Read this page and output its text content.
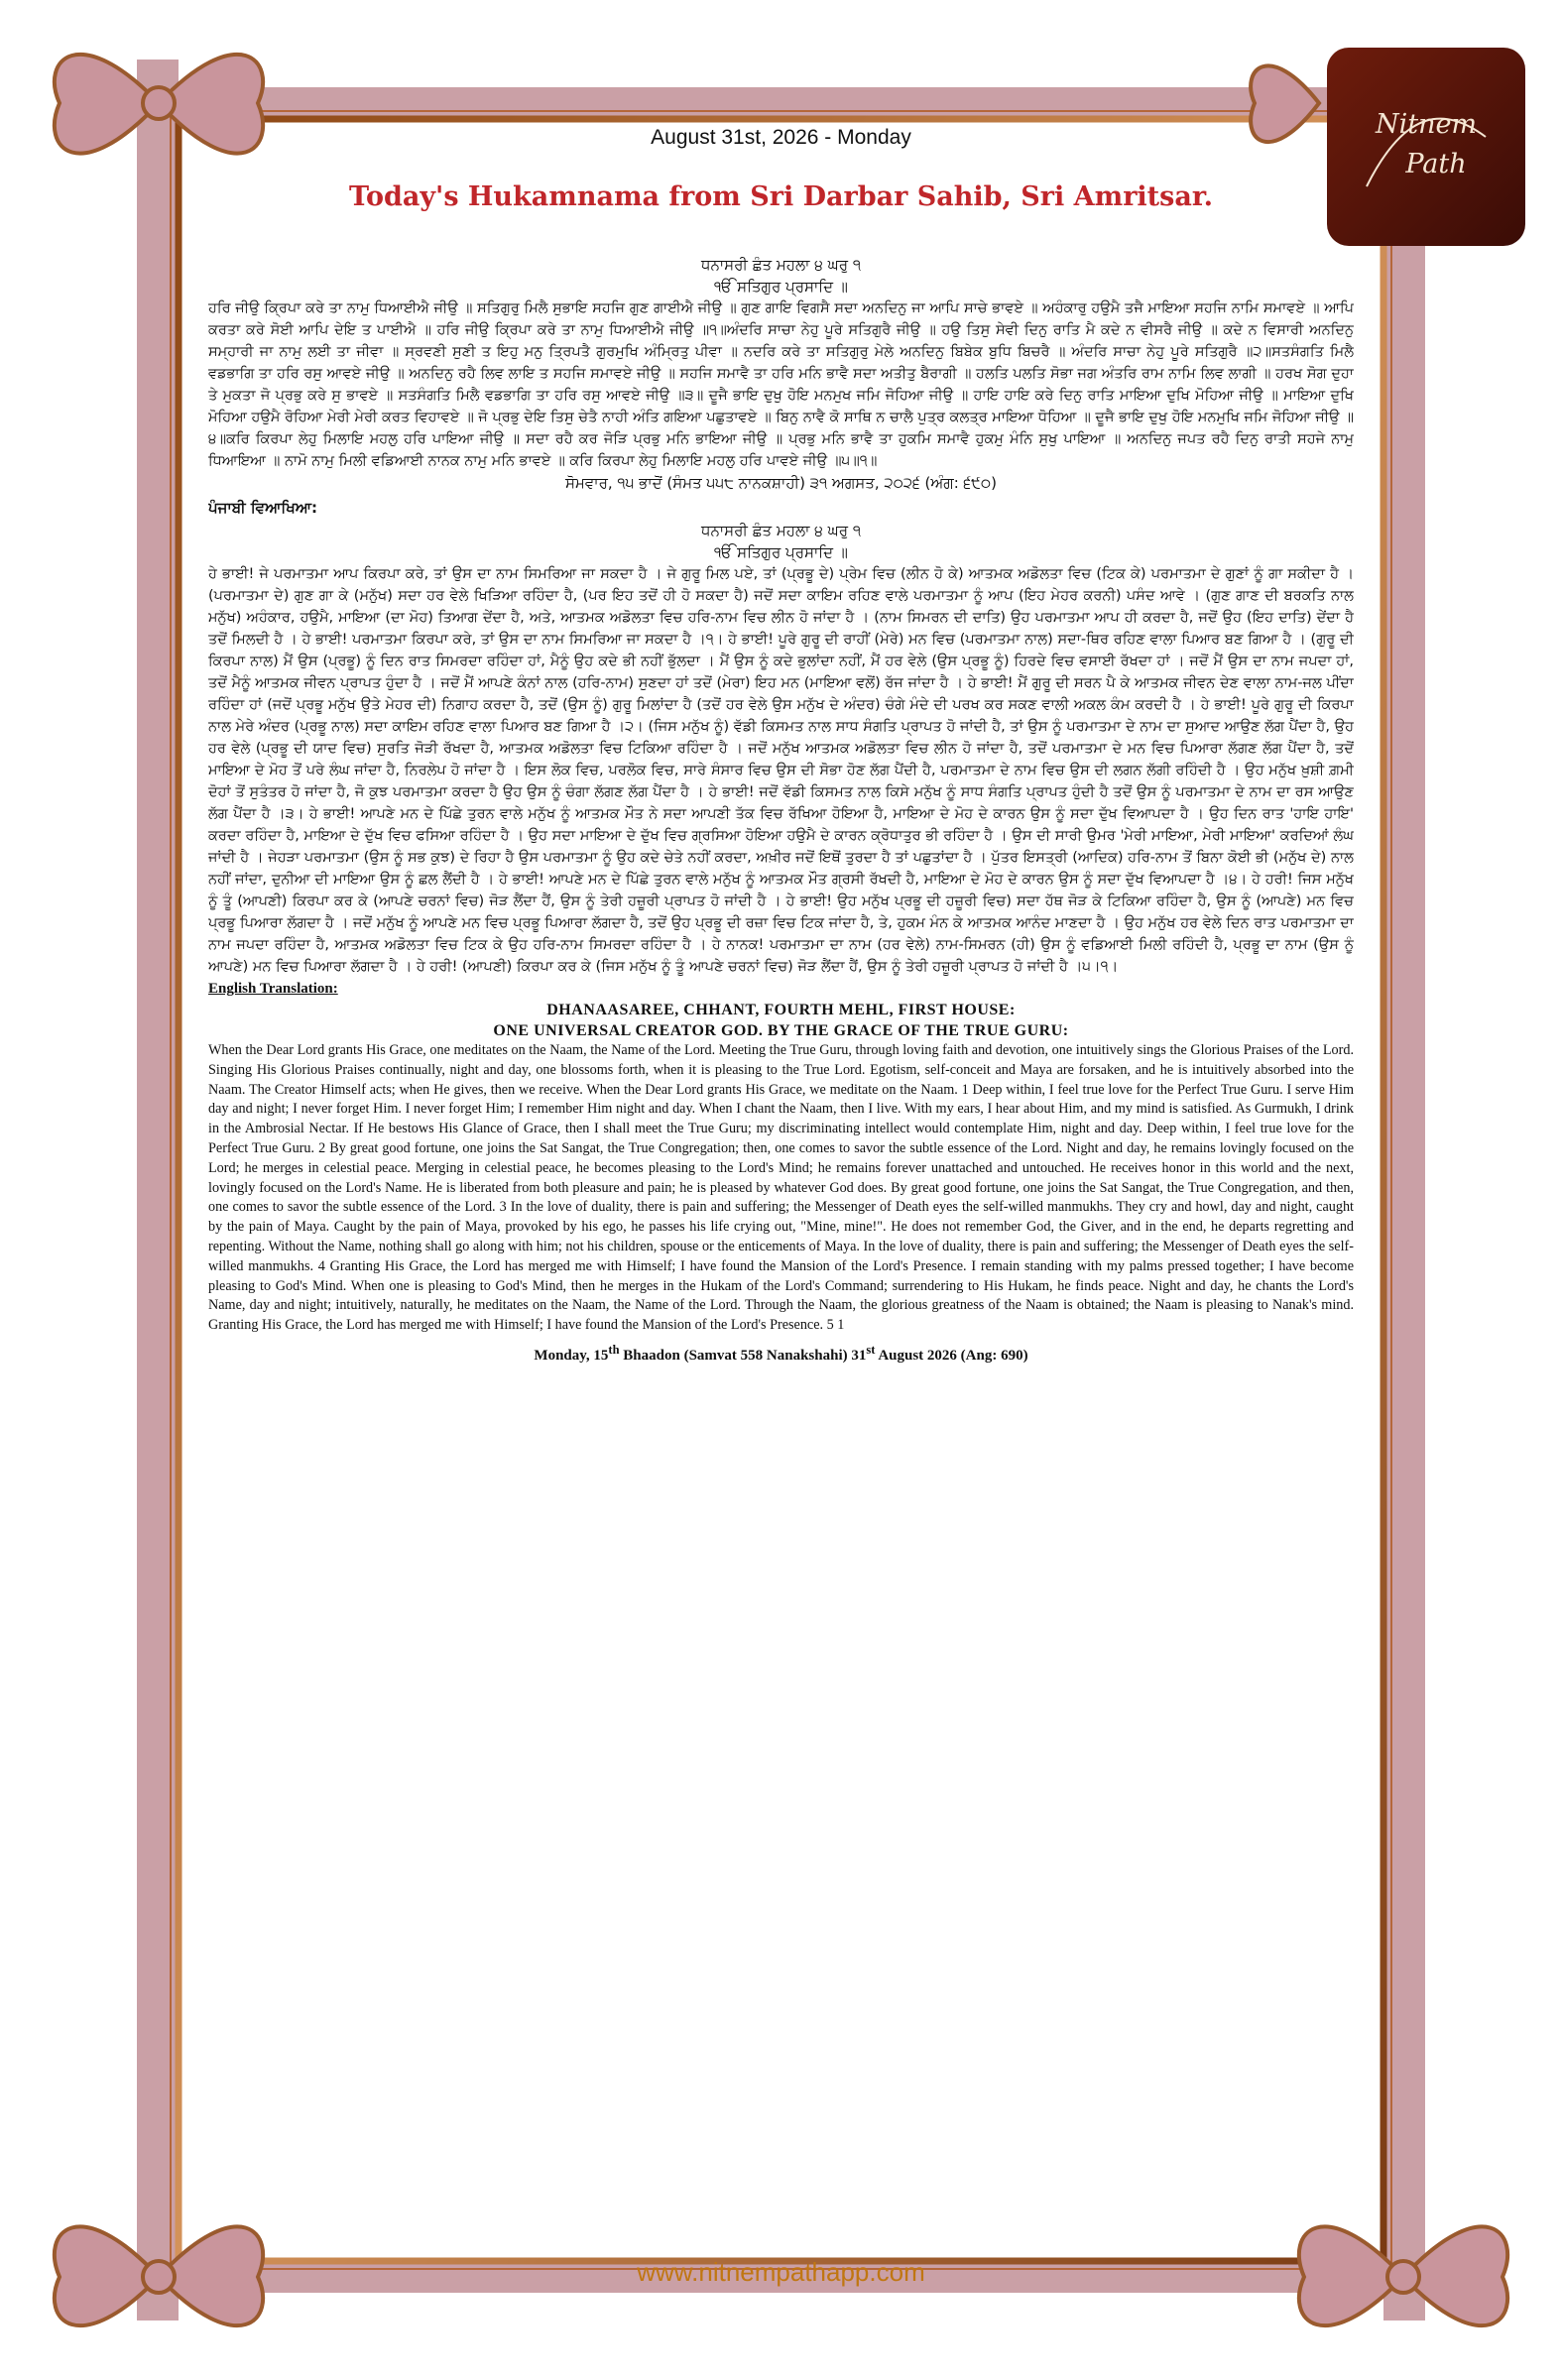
Nitnem
Path
August 31st, 2026 - Monday
Today's Hukamnama from Sri Darbar Sahib, Sri Amritsar.
ਧਨਾਸਰੀ ਛੰਤ ਮਹਲਾ ੪ ਘਰੁ ੧
ੴ ਸਤਿਗੁਰ ਪ੍ਰਸਾਦਿ ॥
ਹਰਿ ਜੀਉ ਕ੍ਰਿਪਾ ਕਰੇ ਤਾ ਨਾਮੁ ਧਿਆਈਐ ਜੀਉ ॥ ਸਤਿਗੁਰੁ ਮਿਲੈ ਸੁਭਾਇ ਸਹਜਿ ਗੁਣ ਗਾਈਐ ਜੀਉ ॥ ਗੁਣ ਗਾਇ ਵਿਗਸੈ ਸਦਾ ਅਨਦਿਨੁ ਜਾ ਆਪਿ ਸਾਚੇ ਭਾਵਏ ॥ ਅਹੰਕਾਰੁ ਹਉਮੈ ਤਜੈ ਮਾਇਆ ਸਹਜਿ ਨਾਮਿ ਸਮਾਵਏ ॥ ਆਪਿ ਕਰਤਾ ਕਰੇ ਸੋਈ ਆਪਿ ਦੇਇ ਤ ਪਾਈਐ ॥ ਹਰਿ ਜੀਉ ਕ੍ਰਿਪਾ ਕਰੇ ਤਾ ਨਾਮੁ ਧਿਆਈਐ ਜੀਉ ॥੧॥ਅੰਦਰਿ ਸਾਚਾ ਨੇਹੁ ਪੂਰੇ ਸਤਿਗੁਰੈ ਜੀਉ ॥ ਹਉ ਤਿਸੁ ਸੇਵੀ ਦਿਨੁ ਰਾਤਿ ਮੈ ਕਦੇ ਨ ਵੀਸਰੈ ਜੀਉ ॥ ਕਦੇ ਨ ਵਿਸਾਰੀ ਅਨਦਿਨੁ ਸਮ੍ਹਾਰੀ ਜਾ ਨਾਮੁ ਲਈ ਤਾ ਜੀਵਾ ॥ ਸ੍ਰਵਣੀ ਸੁਣੀ ਤ ਇਹੁ ਮਨੁ ਤ੍ਰਿਪਤੈ ਗੁਰਮੁਖਿ ਅੰਮ੍ਰਿਤੁ ਪੀਵਾ ॥ ਨਦਰਿ ਕਰੇ ਤਾ ਸਤਿਗੁਰੁ ਮੇਲੇ ਅਨਦਿਨੁ ਬਿਬੇਕ ਬੁਧਿ ਬਿਚਰੈ ॥ ਅੰਦਰਿ ਸਾਚਾ ਨੇਹੁ ਪੂਰੇ ਸਤਿਗੁਰੈ ॥੨॥ਸਤਸੰਗਤਿ ਮਿਲੈ ਵਡਭਾਗਿ ਤਾ ਹਰਿ ਰਸੁ ਆਵਏ ਜੀਉ ॥ ਅਨਦਿਨੁ ਰਹੈ ਲਿਵ ਲਾਇ ਤ ਸਹਜਿ ਸਮਾਵਏ ਜੀਉ ॥ ਸਹਜਿ ਸਮਾਵੈ ਤਾ ਹਰਿ ਮਨਿ ਭਾਵੈ ਸਦਾ ਅਤੀਤੁ ਬੈਰਾਗੀ ॥ ਹਲਤਿ ਪਲਤਿ ਸੋਭਾ ਜਗ ਅੰਤਰਿ ਰਾਮ ਨਾਮਿ ਲਿਵ ਲਾਗੀ ॥ ਹਰਖ ਸੋਗ ਦੁਹਾ ਤੇ ਮੁਕਤਾ ਜੋ ਪ੍ਰਭੁ ਕਰੇ ਸੁ ਭਾਵਏ ॥ ਸਤਸੰਗਤਿ ਮਿਲੈ ਵਡਭਾਗਿ ਤਾ ਹਰਿ ਰਸੁ ਆਵਏ ਜੀਉ ॥੩॥ ਦੂਜੈ ਭਾਇ ਦੁਖੁ ਹੋਇ ਮਨਮੁਖ ਜਮਿ ਜੋਹਿਆ ਜੀਉ ॥ ਹਾਇ ਹਾਇ ਕਰੇ ਦਿਨੁ ਰਾਤਿ ਮਾਇਆ ਦੁਖਿ ਮੋਹਿਆ ਜੀਉ ॥ ਮਾਇਆ ਦੁਖਿ ਮੋਹਿਆ ਹਉਮੈ ਰੋਹਿਆ ਮੇਰੀ ਮੇਰੀ ਕਰਤ ਵਿਹਾਵਏ ॥ ਜੋ ਪ੍ਰਭੁ ਦੇਇ ਤਿਸੁ ਚੇਤੈ ਨਾਹੀ ਅੰਤਿ ਗਇਆ ਪਛੁਤਾਵਏ ॥ ਬਿਨੁ ਨਾਵੈ ਕੋ ਸਾਥਿ ਨ ਚਾਲੈ ਪੁਤ੍ਰ ਕਲਤ੍ਰ ਮਾਇਆ ਧੋਹਿਆ ॥ ਦੂਜੈ ਭਾਇ ਦੁਖੁ ਹੋਇ ਮਨਮੁਖਿ ਜਮਿ ਜੋਹਿਆ ਜੀਉ ॥੪॥ਕਰਿ ਕਿਰਪਾ ਲੇਹੁ ਮਿਲਾਇ ਮਹਲੁ ਹਰਿ ਪਾਇਆ ਜੀਉ ॥ ਸਦਾ ਰਹੈ ਕਰ ਜੋੜਿ ਪ੍ਰਭੁ ਮਨਿ ਭਾਇਆ ਜੀਉ ॥ ਪ੍ਰਭੁ ਮਨਿ ਭਾਵੈ ਤਾ ਹੁਕਮਿ ਸਮਾਵੈ ਹੁਕਮੁ ਮੰਨਿ ਸੁਖੁ ਪਾਇਆ ॥ ਅਨਦਿਨੁ ਜਪਤ ਰਹੈ ਦਿਨੁ ਰਾਤੀ ਸਹਜੇ ਨਾਮੁ ਧਿਆਇਆ ॥ ਨਾਮੋ ਨਾਮੁ ਮਿਲੀ ਵਡਿਆਈ ਨਾਨਕ ਨਾਮੁ ਮਨਿ ਭਾਵਏ ॥ ਕਰਿ ਕਿਰਪਾ ਲੇਹੁ ਮਿਲਾਇ ਮਹਲੁ ਹਰਿ ਪਾਵਏ ਜੀਉ ॥੫॥੧॥
ਸੋਮਵਾਰ, ੧੫ ਭਾਦੋਂ (ਸੰਮਤ ੫੫੮ ਨਾਨਕਸ਼ਾਹੀ) ੩੧ ਅਗਸਤ, ੨੦੨੬ (ਅੰਗ: ੬੯੦)
ਪੰਜਾਬੀ ਵਿਆਖਿਆ:
ਧਨਾਸਰੀ ਛੰਤ ਮਹਲਾ ੪ ਘਰੁ ੧
ੴ ਸਤਿਗੁਰ ਪ੍ਰਸਾਦਿ ॥
ਹੇ ਭਾਈ! ਜੇ ਪਰਮਾਤਮਾ ਆਪ ਕਿਰਪਾ ਕਰੇ, ਤਾਂ ਉਸ ਦਾ ਨਾਮ ਸਿਮਰਿਆ ਜਾ ਸਕਦਾ ਹੈ । ਜੇ ਗੁਰੂ ਮਿਲ ਪਏ, ਤਾਂ (ਪ੍ਰਭੂ ਦੇ) ਪ੍ਰੇਮ ਵਿਚ (ਲੀਨ ਹੋ ਕੇ) ਆਤਮਕ ਅਡੋਲਤਾ ਵਿਚ (ਟਿਕ ਕੇ) ਪਰਮਾਤਮਾ ਦੇ ਗੁਣਾਂ ਨੂੰ ਗਾ ਸਕੀਦਾ ਹੈ । (ਪਰਮਾਤਮਾ ਦੇ) ਗੁਣ ਗਾ ਕੇ (ਮਨੁੱਖ) ਸਦਾ ਹਰ ਵੇਲੇ ਖਿੜਿਆ ਰਹਿੰਦਾ ਹੈ, (ਪਰ ਇਹ ਤਦੋਂ ਹੀ ਹੋ ਸਕਦਾ ਹੈ) ਜਦੋਂ ਸਦਾ ਕਾਇਮ ਰਹਿਣ ਵਾਲੇ ਪਰਮਾਤਮਾ ਨੂੰ ਆਪ (ਇਹ ਮੇਹਰ ਕਰਨੀ) ਪਸੰਦ ਆਵੇ । (ਗੁਣ ਗਾਣ ਦੀ ਬਰਕਤਿ ਨਾਲ ਮਨੁੱਖ) ਅਹੰਕਾਰ, ਹਉਮੈ, ਮਾਇਆ (ਦਾ ਮੋਹ) ਤਿਆਗ ਦੇਂਦਾ ਹੈ, ਅਤੇ, ਆਤਮਕ ਅਡੋਲਤਾ ਵਿਚ ਹਰਿ-ਨਾਮ ਵਿਚ ਲੀਨ ਹੋ ਜਾਂਦਾ ਹੈ । (ਨਾਮ ਸਿਮਰਨ ਦੀ ਦਾਤਿ) ਉਹ ਪਰਮਾਤਮਾ ਆਪ ਹੀ ਕਰਦਾ ਹੈ, ਜਦੋਂ ਉਹ (ਇਹ ਦਾਤਿ) ਦੇਂਦਾ ਹੈ ਤਦੋਂ ਮਿਲਦੀ ਹੈ । ਹੇ ਭਾਈ! ਪਰਮਾਤਮਾ ਕਿਰਪਾ ਕਰੇ, ਤਾਂ ਉਸ ਦਾ ਨਾਮ ਸਿਮਰਿਆ ਜਾ ਸਕਦਾ ਹੈ ।੧। ਹੇ ਭਾਈ! ਪੂਰੇ ਗੁਰੂ ਦੀ ਰਾਹੀਂ (ਮੇਰੇ) ਮਨ ਵਿਚ (ਪਰਮਾਤਮਾ ਨਾਲ) ਸਦਾ-ਥਿਰ ਰਹਿਣ ਵਾਲਾ ਪਿਆਰ ਬਣ ਗਿਆ ਹੈ । (ਗੁਰੂ ਦੀ ਕਿਰਪਾ ਨਾਲ) ਮੈਂ ਉਸ (ਪ੍ਰਭੂ) ਨੂੰ ਦਿਨ ਰਾਤ ਸਿਮਰਦਾ ਰਹਿੰਦਾ ਹਾਂ, ਮੈਨੂੰ ਉਹ ਕਦੇ ਭੀ ਨਹੀਂ ਭੁੱਲਦਾ । ਮੈਂ ਉਸ ਨੂੰ ਕਦੇ ਭੁਲਾਂਦਾ ਨਹੀਂ, ਮੈਂ ਹਰ ਵੇਲੇ (ਉਸ ਪ੍ਰਭੂ ਨੂੰ) ਹਿਰਦੇ ਵਿਚ ਵਸਾਈ ਰੱਖਦਾ ਹਾਂ । ਜਦੋਂ ਮੈਂ ਉਸ ਦਾ ਨਾਮ ਜਪਦਾ ਹਾਂ, ਤਦੋਂ ਮੈਨੂੰ ਆਤਮਕ ਜੀਵਨ ਪ੍ਰਾਪਤ ਹੁੰਦਾ ਹੈ । ਜਦੋਂ ਮੈਂ ਆਪਣੇ ਕੰਨਾਂ ਨਾਲ (ਹਰਿ-ਨਾਮ) ਸੁਣਦਾ ਹਾਂ ਤਦੋਂ (ਮੇਰਾ) ਇਹ ਮਨ (ਮਾਇਆ ਵਲੋਂ) ਰੱਜ ਜਾਂਦਾ ਹੈ । ਹੇ ਭਾਈ! ਮੈਂ ਗੁਰੂ ਦੀ ਸਰਨ ਪੈ ਕੇ ਆਤਮਕ ਜੀਵਨ ਦੇਣ ਵਾਲਾ ਨਾਮ-ਜਲ ਪੀਂਦਾ ਰਹਿੰਦਾ ਹਾਂ (ਜਦੋਂ ਪ੍ਰਭੂ ਮਨੁੱਖ ਉਤੇ ਮੇਹਰ ਦੀ) ਨਿਗਾਹ ਕਰਦਾ ਹੈ, ਤਦੋਂ (ਉਸ ਨੂੰ) ਗੁਰੂ ਮਿਲਾਂਦਾ ਹੈ (ਤਦੋਂ ਹਰ ਵੇਲੇ ਉਸ ਮਨੁੱਖ ਦੇ ਅੰਦਰ) ਚੰਗੇ ਮੰਦੇ ਦੀ ਪਰਖ ਕਰ ਸਕਣ ਵਾਲੀ ਅਕਲ ਕੰਮ ਕਰਦੀ ਹੈ । ਹੇ ਭਾਈ! ਪੂਰੇ ਗੁਰੂ ਦੀ ਕਿਰਪਾ ਨਾਲ ਮੇਰੇ ਅੰਦਰ (ਪ੍ਰਭੂ ਨਾਲ) ਸਦਾ ਕਾਇਮ ਰਹਿਣ ਵਾਲਾ ਪਿਆਰ ਬਣ ਗਿਆ ਹੈ ।੨। (ਜਿਸ ਮਨੁੱਖ ਨੂੰ) ਵੱਡੀ ਕਿਸਮਤ ਨਾਲ ਸਾਧ ਸੰਗਤਿ ਪ੍ਰਾਪਤ ਹੋ ਜਾਂਦੀ ਹੈ, ਤਾਂ ਉਸ ਨੂੰ ਪਰਮਾਤਮਾ ਦੇ ਨਾਮ ਦਾ ਸੁਆਦ ਆਉਣ ਲੱਗ ਪੈਂਦਾ ਹੈ, ਉਹ ਹਰ ਵੇਲੇ (ਪ੍ਰਭੂ ਦੀ ਯਾਦ ਵਿਚ) ਸੁਰਤਿ ਜੋੜੀ ਰੱਖਦਾ ਹੈ, ਆਤਮਕ ਅਡੋਲਤਾ ਵਿਚ ਟਿਕਿਆ ਰਹਿੰਦਾ ਹੈ । ਜਦੋਂ ਮਨੁੱਖ ਆਤਮਕ ਅਡੋਲਤਾ ਵਿਚ ਲੀਨ ਹੋ ਜਾਂਦਾ ਹੈ, ਤਦੋਂ ਪਰਮਾਤਮਾ ਦੇ ਮਨ ਵਿਚ ਪਿਆਰਾ ਲੱਗਣ ਲੱਗ ਪੈਂਦਾ ਹੈ, ਤਦੋਂ ਮਾਇਆ ਦੇ ਮੋਹ ਤੋਂ ਪਰੇ ਲੰਘ ਜਾਂਦਾ ਹੈ, ਨਿਰਲੇਪ ਹੋ ਜਾਂਦਾ ਹੈ । ਇਸ ਲੋਕ ਵਿਚ, ਪਰਲੋਕ ਵਿਚ, ਸਾਰੇ ਸੰਸਾਰ ਵਿਚ ਉਸ ਦੀ ਸੋਭਾ ਹੋਣ ਲੱਗ ਪੈਂਦੀ ਹੈ, ਪਰਮਾਤਮਾ ਦੇ ਨਾਮ ਵਿਚ ਉਸ ਦੀ ਲਗਨ ਲੱਗੀ ਰਹਿੰਦੀ ਹੈ । ਉਹ ਮਨੁੱਖ ਖ਼ੁਸ਼ੀ ਗ਼ਮੀ ਦੋਹਾਂ ਤੋਂ ਸੁਤੰਤਰ ਹੋ ਜਾਂਦਾ ਹੈ, ਜੋ ਕੁਝ ਪਰਮਾਤਮਾ ਕਰਦਾ ਹੈ ਉਹ ਉਸ ਨੂੰ ਚੰਗਾ ਲੱਗਣ ਲੱਗ ਪੈਂਦਾ ਹੈ । ਹੇ ਭਾਈ! ਜਦੋਂ ਵੱਡੀ ਕਿਸਮਤ ਨਾਲ ਕਿਸੇ ਮਨੁੱਖ ਨੂੰ ਸਾਧ ਸੰਗਤਿ ਪ੍ਰਾਪਤ ਹੁੰਦੀ ਹੈ ਤਦੋਂ ਉਸ ਨੂੰ ਪਰਮਾਤਮਾ ਦੇ ਨਾਮ ਦਾ ਰਸ ਆਉਣ ਲੱਗ ਪੈਂਦਾ ਹੈ ।੩। ਹੇ ਭਾਈ! ਆਪਣੇ ਮਨ ਦੇ ਪਿੱਛੇ ਤੁਰਨ ਵਾਲੇ ਮਨੁੱਖ ਨੂੰ ਆਤਮਕ ਮੌਤ ਨੇ ਸਦਾ ਆਪਣੀ ਤੱਕ ਵਿਚ ਰੱਖਿਆ ਹੋਇਆ ਹੈ, ਮਾਇਆ ਦੇ ਮੋਹ ਦੇ ਕਾਰਨ ਉਸ ਨੂੰ ਸਦਾ ਦੁੱਖ ਵਿਆਪਦਾ ਹੈ । ਉਹ ਦਿਨ ਰਾਤ 'ਹਾਇ ਹਾਇ' ਕਰਦਾ ਰਹਿੰਦਾ ਹੈ, ਮਾਇਆ ਦੇ ਦੁੱਖ ਵਿਚ ਫਸਿਆ ਰਹਿੰਦਾ ਹੈ । ਉਹ ਸਦਾ ਮਾਇਆ ਦੇ ਦੁੱਖ ਵਿਚ ਗ੍ਰਸਿਆ ਹੋਇਆ ਹਉਮੈ ਦੇ ਕਾਰਨ ਕ੍ਰੋਧਾਤੁਰ ਭੀ ਰਹਿੰਦਾ ਹੈ । ਉਸ ਦੀ ਸਾਰੀ ਉਮਰ 'ਮੇਰੀ ਮਾਇਆ, ਮੇਰੀ ਮਾਇਆ' ਕਰਦਿਆਂ ਲੰਘ ਜਾਂਦੀ ਹੈ । ਜੇਹੜਾ ਪਰਮਾਤਮਾ (ਉਸ ਨੂੰ ਸਭ ਕੁਝ) ਦੇ ਰਿਹਾ ਹੈ ਉਸ ਪਰਮਾਤਮਾ ਨੂੰ ਉਹ ਕਦੇ ਚੇਤੇ ਨਹੀਂ ਕਰਦਾ, ਅਖ਼ੀਰ ਜਦੋਂ ਇਥੋਂ ਤੁਰਦਾ ਹੈ ਤਾਂ ਪਛੁਤਾਂਦਾ ਹੈ । ਪੁੱਤਰ ਇਸਤ੍ਰੀ (ਆਦਿਕ) ਹਰਿ-ਨਾਮ ਤੋਂ ਬਿਨਾ ਕੋਈ ਭੀ (ਮਨੁੱਖ ਦੇ) ਨਾਲ ਨਹੀਂ ਜਾਂਦਾ, ਦੁਨੀਆ ਦੀ ਮਾਇਆ ਉਸ ਨੂੰ ਛਲ ਲੈਂਦੀ ਹੈ । ਹੇ ਭਾਈ! ਆਪਣੇ ਮਨ ਦੇ ਪਿੱਛੇ ਤੁਰਨ ਵਾਲੇ ਮਨੁੱਖ ਨੂੰ ਆਤਮਕ ਮੌਤ ਗ੍ਰਸੀ ਰੱਖਦੀ ਹੈ, ਮਾਇਆ ਦੇ ਮੋਹ ਦੇ ਕਾਰਨ ਉਸ ਨੂੰ ਸਦਾ ਦੁੱਖ ਵਿਆਪਦਾ ਹੈ ।੪। ਹੇ ਹਰੀ! ਜਿਸ ਮਨੁੱਖ ਨੂੰ ਤੂੰ (ਆਪਣੀ) ਕਿਰਪਾ ਕਰ ਕੇ (ਆਪਣੇ ਚਰਨਾਂ ਵਿਚ) ਜੋੜ ਲੈਂਦਾ ਹੈਂ, ਉਸ ਨੂੰ ਤੇਰੀ ਹਜ਼ੂਰੀ ਪ੍ਰਾਪਤ ਹੋ ਜਾਂਦੀ ਹੈ । ਹੇ ਭਾਈ! ਉਹ ਮਨੁੱਖ ਪ੍ਰਭੂ ਦੀ ਹਜ਼ੂਰੀ ਵਿਚ) ਸਦਾ ਹੱਥ ਜੋੜ ਕੇ ਟਿਕਿਆ ਰਹਿੰਦਾ ਹੈ, ਉਸ ਨੂੰ (ਆਪਣੇ) ਮਨ ਵਿਚ ਪ੍ਰਭੂ ਪਿਆਰਾ ਲੱਗਦਾ ਹੈ । ਜਦੋਂ ਮਨੁੱਖ ਨੂੰ ਆਪਣੇ ਮਨ ਵਿਚ ਪ੍ਰਭੂ ਪਿਆਰਾ ਲੱਗਦਾ ਹੈ, ਤਦੋਂ ਉਹ ਪ੍ਰਭੂ ਦੀ ਰਜ਼ਾ ਵਿਚ ਟਿਕ ਜਾਂਦਾ ਹੈ, ਤੇ, ਹੁਕਮ ਮੰਨ ਕੇ ਆਤਮਕ ਆਨੰਦ ਮਾਣਦਾ ਹੈ । ਉਹ ਮਨੁੱਖ ਹਰ ਵੇਲੇ ਦਿਨ ਰਾਤ ਪਰਮਾਤਮਾ ਦਾ ਨਾਮ ਜਪਦਾ ਰਹਿੰਦਾ ਹੈ, ਆਤਮਕ ਅਡੋਲਤਾ ਵਿਚ ਟਿਕ ਕੇ ਉਹ ਹਰਿ-ਨਾਮ ਸਿਮਰਦਾ ਰਹਿੰਦਾ ਹੈ । ਹੇ ਨਾਨਕ! ਪਰਮਾਤਮਾ ਦਾ ਨਾਮ (ਹਰ ਵੇਲੇ) ਨਾਮ-ਸਿਮਰਨ (ਹੀ) ਉਸ ਨੂੰ ਵਡਿਆਈ ਮਿਲੀ ਰਹਿੰਦੀ ਹੈ, ਪ੍ਰਭੂ ਦਾ ਨਾਮ (ਉਸ ਨੂੰ ਆਪਣੇ) ਮਨ ਵਿਚ ਪਿਆਰਾ ਲੱਗਦਾ ਹੈ । ਹੇ ਹਰੀ! (ਆਪਣੀ) ਕਿਰਪਾ ਕਰ ਕੇ (ਜਿਸ ਮਨੁੱਖ ਨੂੰ ਤੂੰ ਆਪਣੇ ਚਰਨਾਂ ਵਿਚ) ਜੋੜ ਲੈਂਦਾ ਹੈਂ, ਉਸ ਨੂੰ ਤੇਰੀ ਹਜ਼ੂਰੀ ਪ੍ਰਾਪਤ ਹੋ ਜਾਂਦੀ ਹੈ ।੫।੧।
English Translation:
DHANAASAREE, CHHANT, FOURTH MEHL, FIRST HOUSE:
ONE UNIVERSAL CREATOR GOD. BY THE GRACE OF THE TRUE GURU:
When the Dear Lord grants His Grace, one meditates on the Naam, the Name of the Lord. Meeting the True Guru, through loving faith and devotion, one intuitively sings the Glorious Praises of the Lord. Singing His Glorious Praises continually, night and day, one blossoms forth, when it is pleasing to the True Lord. Egotism, self-conceit and Maya are forsaken, and he is intuitively absorbed into the Naam. The Creator Himself acts; when He gives, then we receive. When the Dear Lord grants His Grace, we meditate on the Naam. 1 Deep within, I feel true love for the Perfect True Guru. I serve Him day and night; I never forget Him. I never forget Him; I remember Him night and day. When I chant the Naam, then I live. With my ears, I hear about Him, and my mind is satisfied. As Gurmukh, I drink in the Ambrosial Nectar. If He bestows His Glance of Grace, then I shall meet the True Guru; my discriminating intellect would contemplate Him, night and day. Deep within, I feel true love for the Perfect True Guru. 2 By great good fortune, one joins the Sat Sangat, the True Congregation; then, one comes to savor the subtle essence of the Lord. Night and day, he remains lovingly focused on the Lord; he merges in celestial peace. Merging in celestial peace, he becomes pleasing to the Lord's Mind; he remains forever unattached and untouched. He receives honor in this world and the next, lovingly focused on the Lord's Name. He is liberated from both pleasure and pain; he is pleased by whatever God does. By great good fortune, one joins the Sat Sangat, the True Congregation, and then, one comes to savor the subtle essence of the Lord. 3 In the love of duality, there is pain and suffering; the Messenger of Death eyes the self-willed manmukhs. They cry and howl, day and night, caught by the pain of Maya. Caught by the pain of Maya, provoked by his ego, he passes his life crying out, "Mine, mine!". He does not remember God, the Giver, and in the end, he departs regretting and repenting. Without the Name, nothing shall go along with him; not his children, spouse or the enticements of Maya. In the love of duality, there is pain and suffering; the Messenger of Death eyes the self-willed manmukhs. 4 Granting His Grace, the Lord has merged me with Himself; I have found the Mansion of the Lord's Presence. I remain standing with my palms pressed together; I have become pleasing to God's Mind. When one is pleasing to God's Mind, then he merges in the Hukam of the Lord's Command; surrendering to His Hukam, he finds peace. Night and day, he chants the Lord's Name, day and night; intuitively, naturally, he meditates on the Naam, the Name of the Lord. Through the Naam, the glorious greatness of the Naam is obtained; the Naam is pleasing to Nanak's mind. Granting His Grace, the Lord has merged me with Himself; I have found the Mansion of the Lord's Presence. 5 1
Monday, 15th Bhaadon (Samvat 558 Nanakshahi) 31st August 2026 (Ang: 690)
www.nitnempathapp.com
